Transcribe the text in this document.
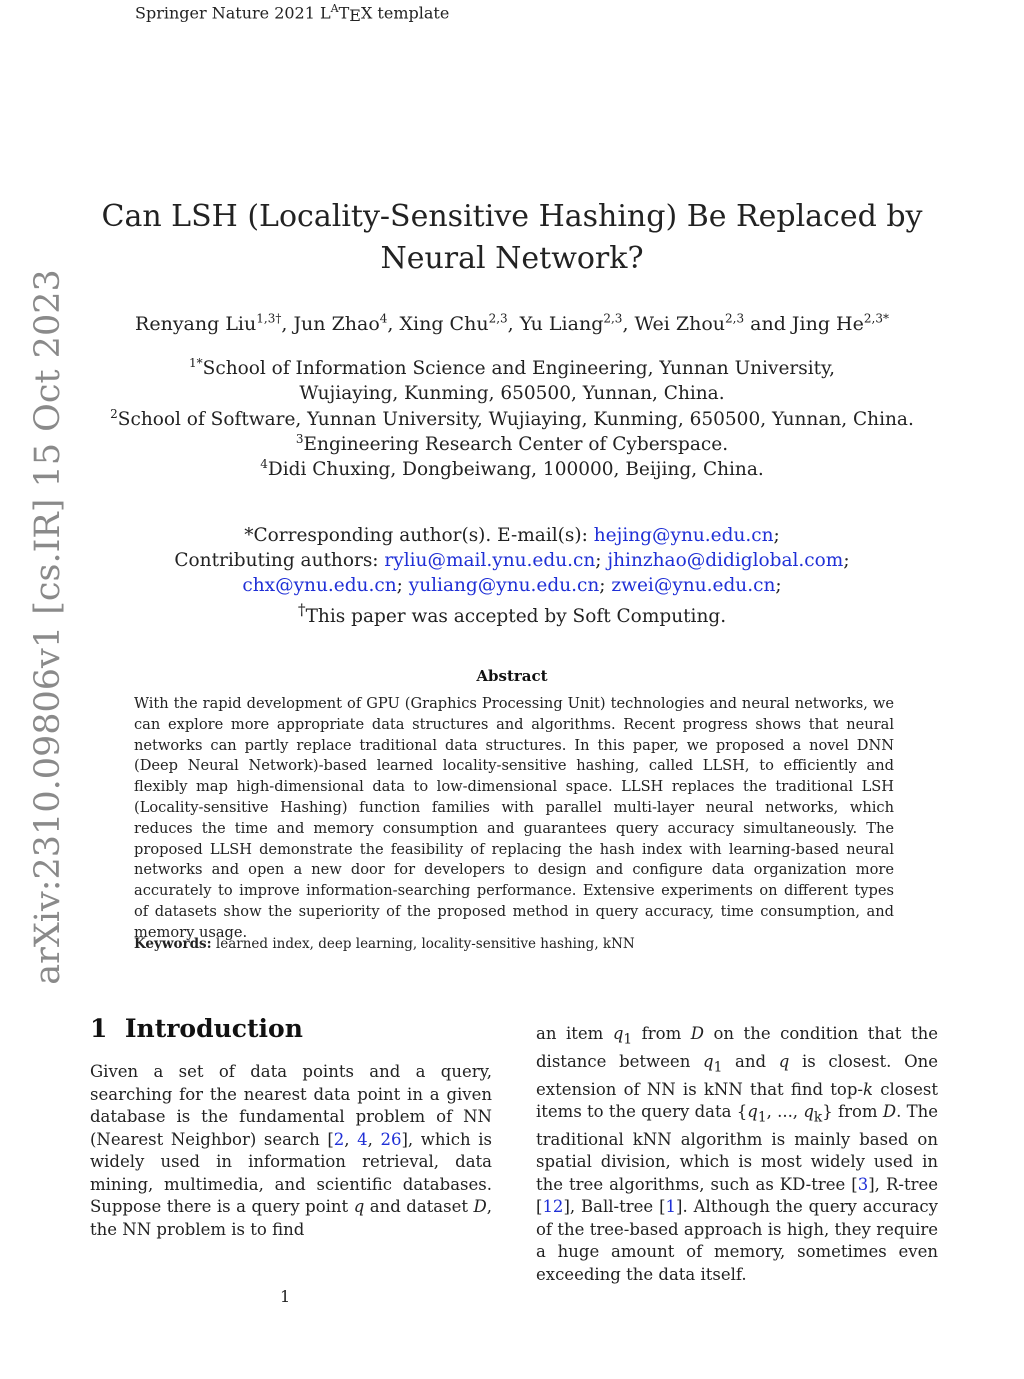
Springer Nature 2021 $L^ATEX$ template
arXiv:2310.09806v1 [cs.IR] 15 Oct 2023
Can LSH (Locality-Sensitive Hashing) Be Replaced by Neural Network?
Renyang Liu$^{1,3\dagger}$, Jun Zhao$^4$, Xing Chu$^{2,3}$, Yu Liang$^{2,3}$, Wei Zhou$^{2,3}$ and Jing $He^{2,3*}$
$^{1*}$School of Information Science and Engineering, Yunnan University, Wujiaying, Kunming, 650500, Yunnan, China.
$^2$School of Software, Yunnan University, Wujiaying, Kunming, 650500, Yunnan, China.
$^3$Engineering Research Center of Cyberspace.
$^4$Didi Chuxing, Dongbeiwang, 100000, Beijing, China.
*Corresponding author(s). E-mail(s): hejing@ynu.edu.cn;
Contributing authors: ryliu@mail.ynu.edu.cn; jhinzhao@didiglobal.com; chx@ynu.edu.cn; yuliang@ynu.edu.cn; zwei@ynu.edu.cn;
†This paper was accepted by Soft Computing.
Abstract
With the rapid development of GPU (Graphics Processing Unit) technologies and neural networks, we can explore more appropriate data structures and algorithms. Recent progress shows that neural networks can partly replace traditional data structures. In this paper, we proposed a novel DNN (Deep Neural Network)-based learned locality-sensitive hashing, called LLSH, to efficiently and flexibly map high-dimensional data to low-dimensional space. LLSH replaces the traditional LSH (Locality-sensitive Hashing) function families with parallel multi-layer neural networks, which reduces the time and memory consumption and guarantees query accuracy simultaneously. The proposed LLSH demonstrate the feasibility of replacing the hash index with learning-based neural networks and open a new door for developers to design and configure data organization more accurately to improve information-searching performance. Extensive experiments on different types of datasets show the superiority of the proposed method in query accuracy, time consumption, and memory usage.
Keywords: learned index, deep learning, locality-sensitive hashing, kNN
1 Introduction
Given a set of data points and a query, searching for the nearest data point in a given database is the fundamental problem of NN (Nearest Neighbor) search [2, 4, 26], which is widely used in information retrieval, data mining, multimedia, and scientific databases. Suppose there is a query point q and dataset D, the NN problem is to find
an item $q_1$ from D on the condition that the distance between $q_1$ and q is closest. One extension of NN is kNN that find top-k closest items to the query data {$q_1$, ..., $q_k$} from D. The traditional kNN algorithm is mainly based on spatial division, which is most widely used in the tree algorithms, such as KD-tree [3], R-tree [12], Ball-tree [1]. Although the query accuracy of the tree-based approach is high, they require a huge amount of memory, sometimes even exceeding the data itself.
1
